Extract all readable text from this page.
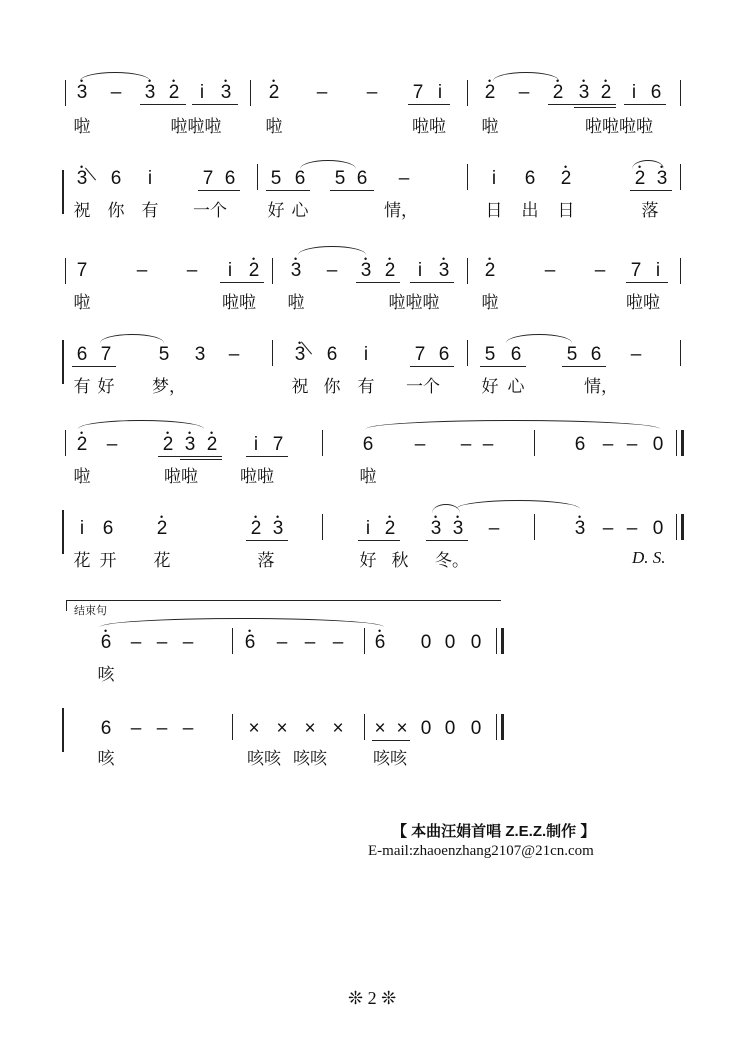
• 3 – • 3 • 2	i • 3 • 2 – – 7 i	• 2 – • 2 • 3 • 2	i 6
啦	啦啦啦	啦	啦啦 啦	啦啦啦啦
• 3 6	i	7 6 5 6 5 6 –	i	6 • 2	• 2 • 3
祝 你 有	一个	好 心	情，	日 出 日	落
7	– –	i • 2 • 3 – • 3 • 2	i • 3 • 2	– – 7 i
啦	啦啦 啦	啦啦啦 啦	啦啦
6 7 5 3 –	• 3 6	i	7 6 5 6 5 6 –
有 好 梦，	祝 你 有 一个 好 心	情，
• 2 – • 2 • 3 • 2	i 7	6 – – –	6 – – 0
啦	啦啦 啦啦	啦
i 6 • 2	• 2 • 3	i • 2 • 3 • 3 –	• 3 – – 0
花 开 花	落	好 秋 冬。	D. S.
结束句
• 6 – – –	• 6 – – – • 6 0 0 0
咳
6 – – –	× × × × × × 0 0 0
咳	咳咳 咳咳	咳咳
【 本曲汪娟首唱 Z.E.Z.制作 】
E-mail:zhaoenzhang2107@21cn.com
❊ 2 ❊
